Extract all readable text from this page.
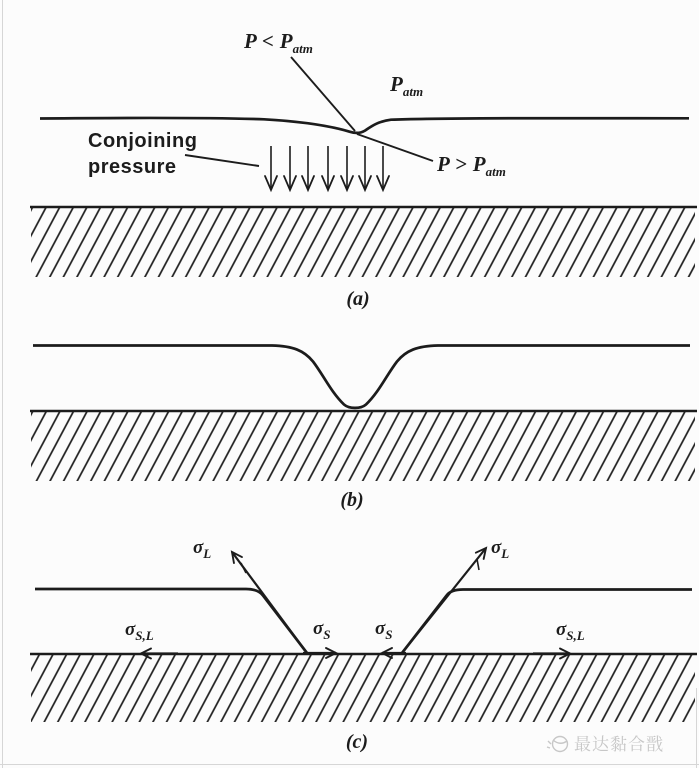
$P < P_{atm}$
$P_{atm}$
$P > P_{atm}$
Conjoining
pressure
(a)
(b)
$\sigma_L$	$\sigma_L$
$\sigma_S$ $\sigma_S$
$\sigma_{S,L}$	$\sigma_{S,L}$
(c)	最达黏合戬
